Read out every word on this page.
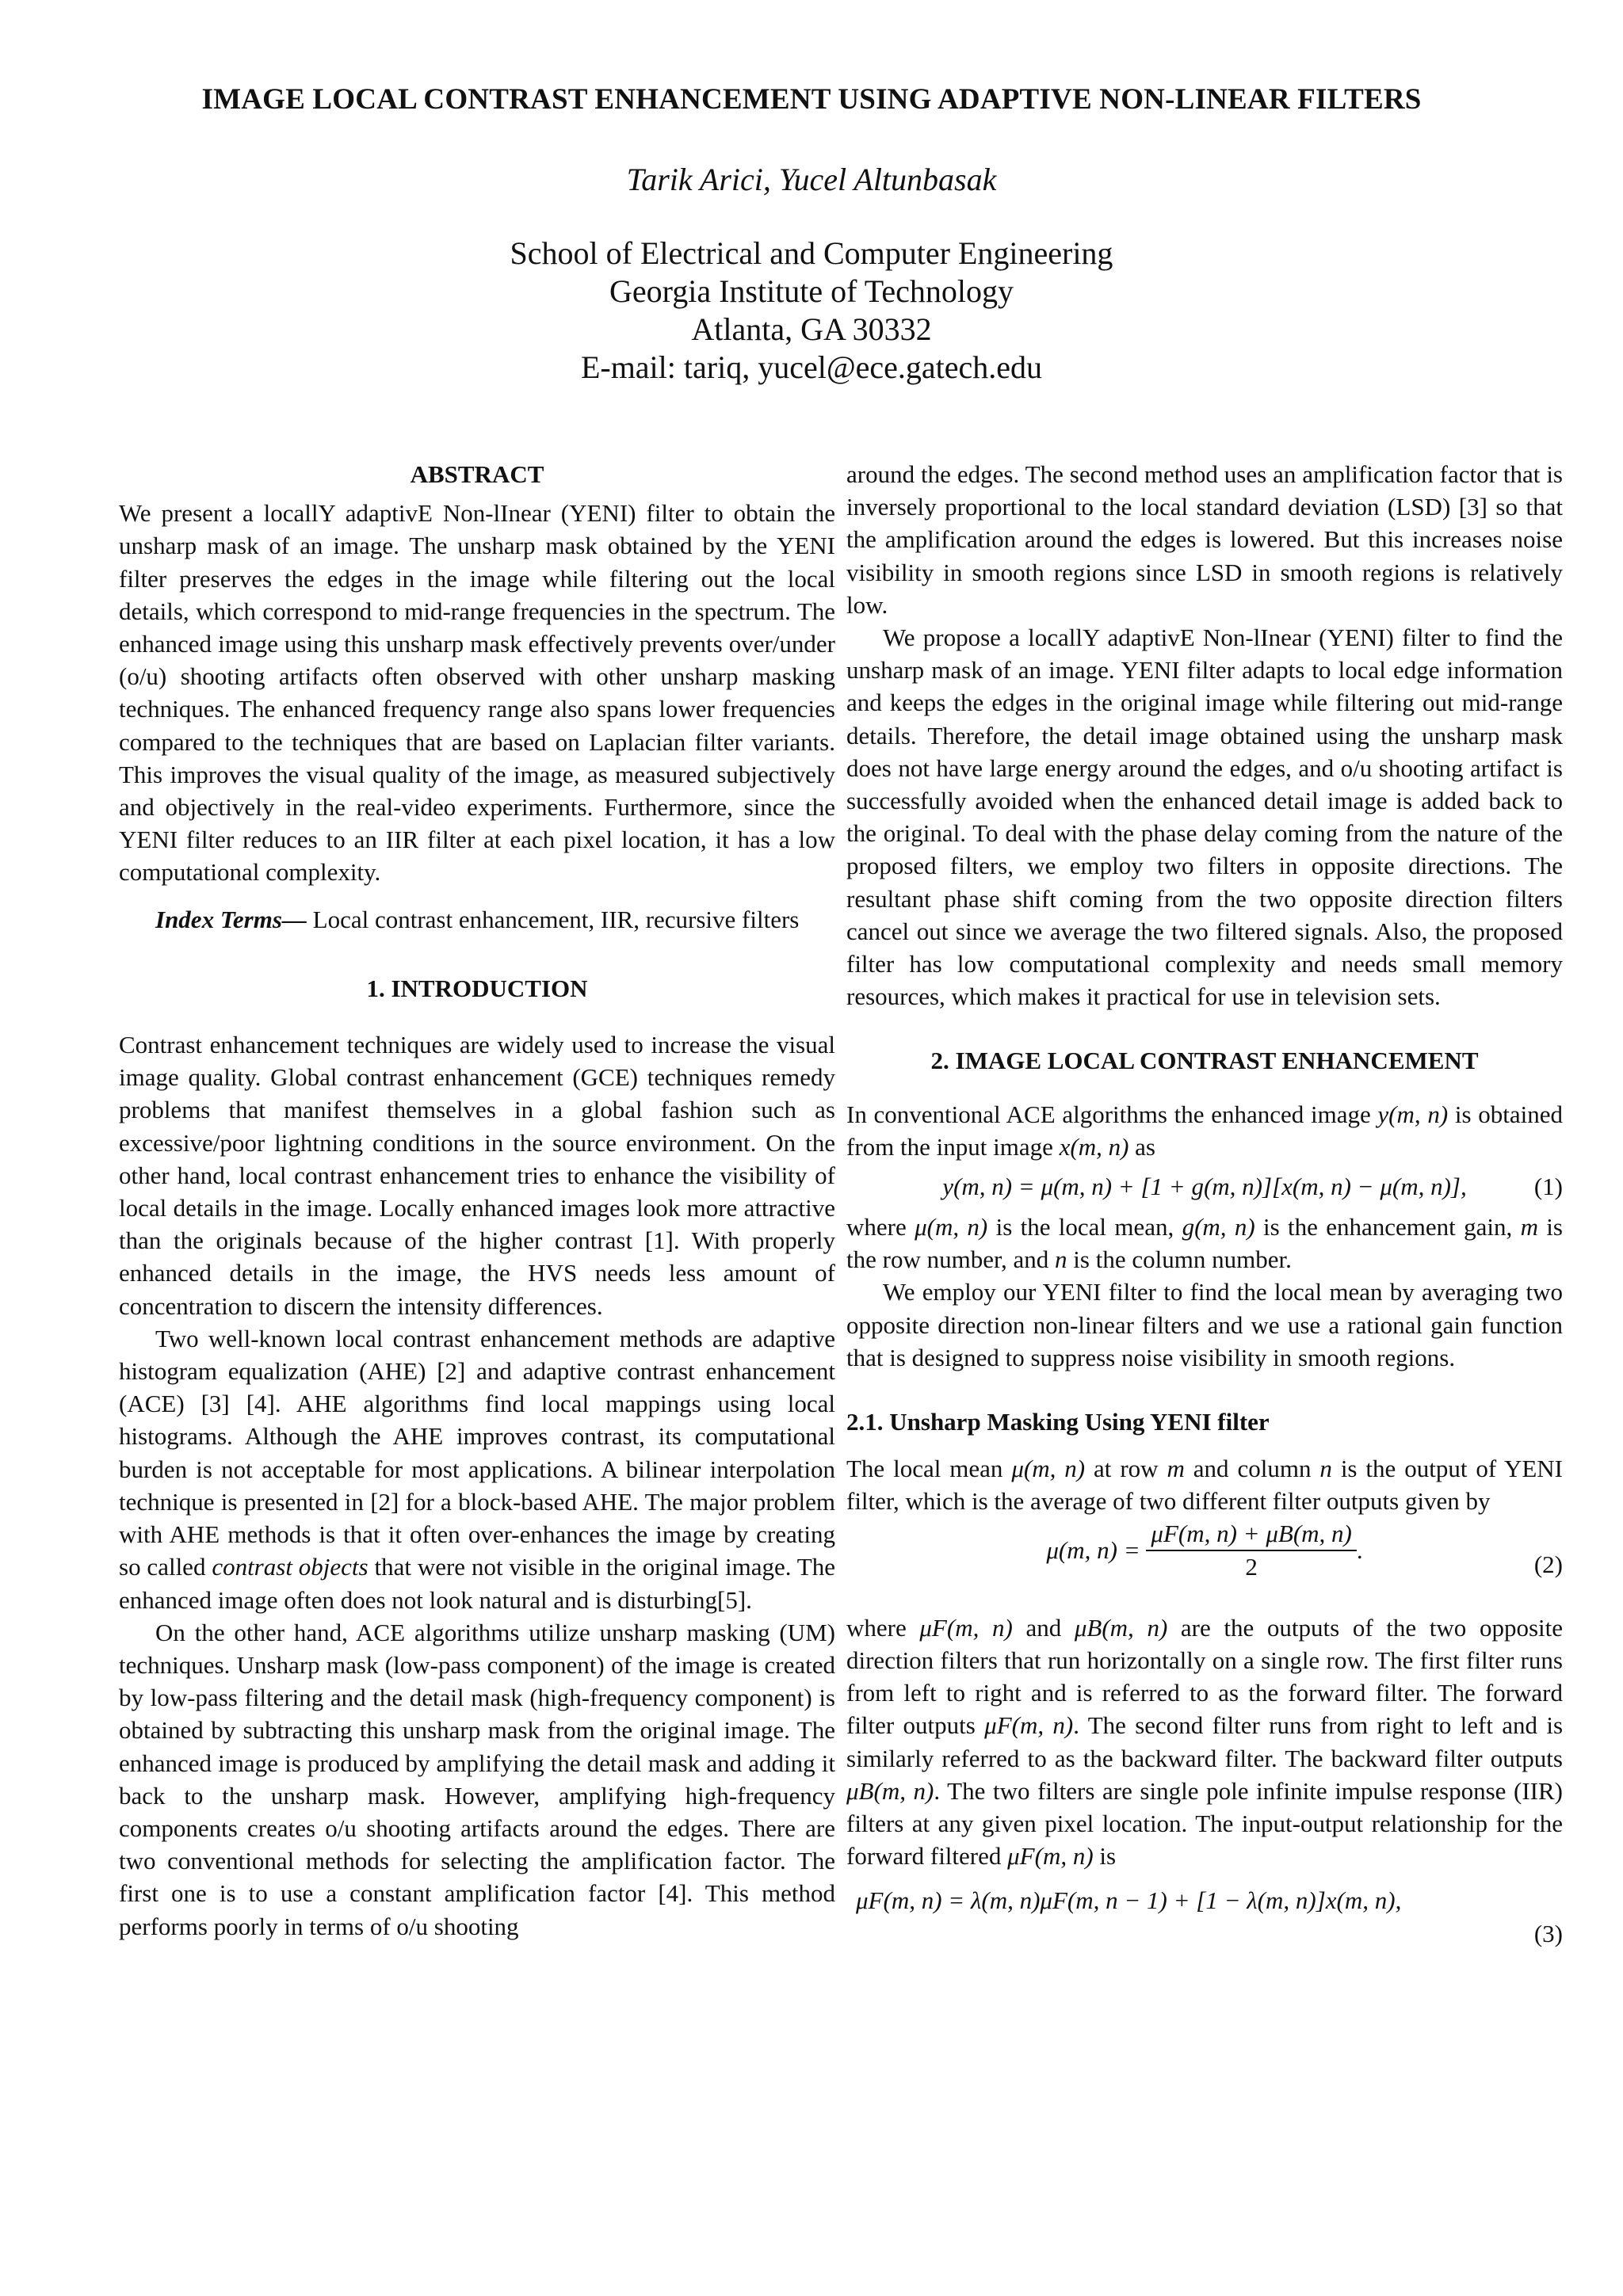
IMAGE LOCAL CONTRAST ENHANCEMENT USING ADAPTIVE NON-LINEAR FILTERS
Tarik Arici, Yucel Altunbasak
School of Electrical and Computer Engineering
Georgia Institute of Technology
Atlanta, GA 30332
E-mail: tariq, yucel@ece.gatech.edu
ABSTRACT

We present a locallY adaptivE Non-lInear (YENI) filter to obtain the unsharp mask of an image. The unsharp mask obtained by the YENI filter preserves the edges in the image while filtering out the local details, which correspond to mid-range frequencies in the spectrum. The enhanced image using this unsharp mask effectively prevents over/under (o/u) shooting artifacts often observed with other unsharp masking techniques. The enhanced frequency range also spans lower frequencies compared to the techniques that are based on Laplacian filter variants. This improves the visual quality of the image, as measured subjectively and objectively in the real-video experiments. Furthermore, since the YENI filter reduces to an IIR filter at each pixel location, it has a low computational complexity.

Index Terms— Local contrast enhancement, IIR, recursive filters

1. INTRODUCTION

Contrast enhancement techniques are widely used to increase the visual image quality. Global contrast enhancement (GCE) techniques remedy problems that manifest themselves in a global fashion such as excessive/poor lightning conditions in the source environment. On the other hand, local contrast enhancement tries to enhance the visibility of local details in the image. Locally enhanced images look more attractive than the originals because of the higher contrast [1]. With properly enhanced details in the image, the HVS needs less amount of concentration to discern the intensity differences.

Two well-known local contrast enhancement methods are adaptive histogram equalization (AHE) [2] and adaptive contrast enhancement (ACE) [3] [4]. AHE algorithms find local mappings using local histograms. Although the AHE improves contrast, its computational burden is not acceptable for most applications. A bilinear interpolation technique is presented in [2] for a block-based AHE. The major problem with AHE methods is that it often over-enhances the image by creating so called contrast objects that were not visible in the original image. The enhanced image often does not look natural and is disturbing[5].

On the other hand, ACE algorithms utilize unsharp masking (UM) techniques. Unsharp mask (low-pass component) of the image is created by low-pass filtering and the detail mask (high-frequency component) is obtained by subtracting this unsharp mask from the original image. The enhanced image is produced by amplifying the detail mask and adding it back to the unsharp mask. However, amplifying high-frequency components creates o/u shooting artifacts around the edges. There are two conventional methods for selecting the amplification factor. The first one is to use a constant amplification factor [4]. This method performs poorly in terms of o/u shooting

around the edges. The second method uses an amplification factor that is inversely proportional to the local standard deviation (LSD) [3] so that the amplification around the edges is lowered. But this increases noise visibility in smooth regions since LSD in smooth regions is relatively low.

We propose a locallY adaptivE Non-lInear (YENI) filter to find the unsharp mask of an image. YENI filter adapts to local edge information and keeps the edges in the original image while filtering out mid-range details. Therefore, the detail image obtained using the unsharp mask does not have large energy around the edges, and o/u shooting artifact is successfully avoided when the enhanced detail image is added back to the original. To deal with the phase delay coming from the nature of the proposed filters, we employ two filters in opposite directions. The resultant phase shift coming from the two opposite direction filters cancel out since we average the two filtered signals. Also, the proposed filter has low computational complexity and needs small memory resources, which makes it practical for use in television sets.

2. IMAGE LOCAL CONTRAST ENHANCEMENT

In conventional ACE algorithms the enhanced image y(m, n) is obtained from the input image x(m, n) as

y(m, n) = μ(m, n) + [1 + g(m, n)][x(m, n) − μ(m, n)],	(1)

where μ(m, n) is the local mean, g(m, n) is the enhancement gain, m is the row number, and n is the column number.

We employ our YENI filter to find the local mean by averaging two opposite direction non-linear filters and we use a rational gain function that is designed to suppress noise visibility in smooth regions.

2.1. Unsharp Masking Using YENI filter

The local mean μ(m, n) at row m and column n is the output of YENI filter, which is the average of two different filter outputs given by

μ(m, $n) = \frac{\mu F(m, n) + \mu B(m, n)}{2}$ .
(2)

where μF(m, n) and μB(m, n) are the outputs of the two opposite direction filters that run horizontally on a single row. The first filter runs from left to right and is referred to as the forward filter. The forward filter outputs μF(m, n). The second filter runs from right to left and is similarly referred to as the backward filter. The backward filter outputs μB(m, n). The two filters are single pole infinite impulse response (IIR) filters at any given pixel location. The input-output relationship for the forward filtered μF(m, n) is

μF(m, n) = λ(m, n)μF(m, n − 1) + [1 − λ(m, n)]x(m, n),
(3)
